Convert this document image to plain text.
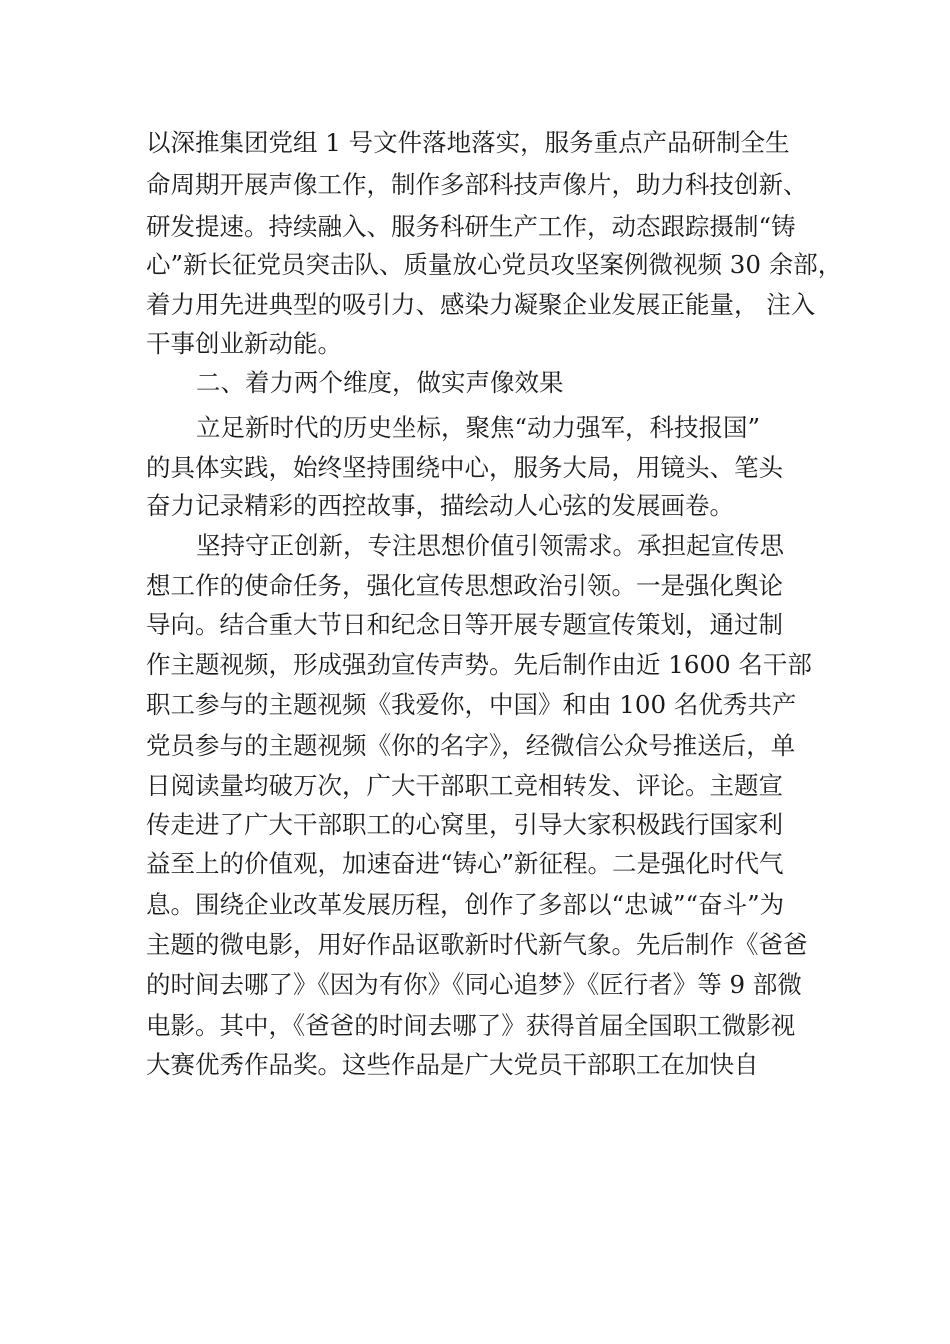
以深推集团党组 1 号文件落地落实，服务重点产品研制全生
命周期开展声像工作，制作多部科技声像片，助力科技创新、
研发提速。持续融入、服务科研生产工作，动态跟踪摄制“铸
心”新长征党员突击队、质量放心党员攻坚案例微视频 30 余部，
着力用先进典型的吸引力、感染力凝聚企业发展正能量， 注入
干事创业新动能。
二、着力两个维度，做实声像效果
立足新时代的历史坐标，聚焦“动力强军，科技报国”
的具体实践，始终坚持围绕中心，服务大局，用镜头、笔头
奋力记录精彩的西控故事，描绘动人心弦的发展画卷。
坚持守正创新，专注思想价值引领需求。承担起宣传思
想工作的使命任务，强化宣传思想政治引领。一是强化舆论
导向。结合重大节日和纪念日等开展专题宣传策划，通过制
作主题视频，形成强劲宣传声势。先后制作由近 1600 名干部
职工参与的主题视频《我爱你，中国》和由 100 名优秀共产
党员参与的主题视频《你的名字》，经微信公众号推送后，单
日阅读量均破万次，广大干部职工竞相转发、评论。主题宣
传走进了广大干部职工的心窝里，引导大家积极践行国家利
益至上的价值观，加速奋进“铸心”新征程。二是强化时代气
息。围绕企业改革发展历程，创作了多部以“忠诚”“奋斗”为
主题的微电影，用好作品讴歌新时代新气象。先后制作《爸爸
的时间去哪了》《因为有你》《同心追梦》《匠行者》等 9 部微
电影。其中，《爸爸的时间去哪了》获得首届全国职工微影视
大赛优秀作品奖。这些作品是广大党员干部职工在加快自
